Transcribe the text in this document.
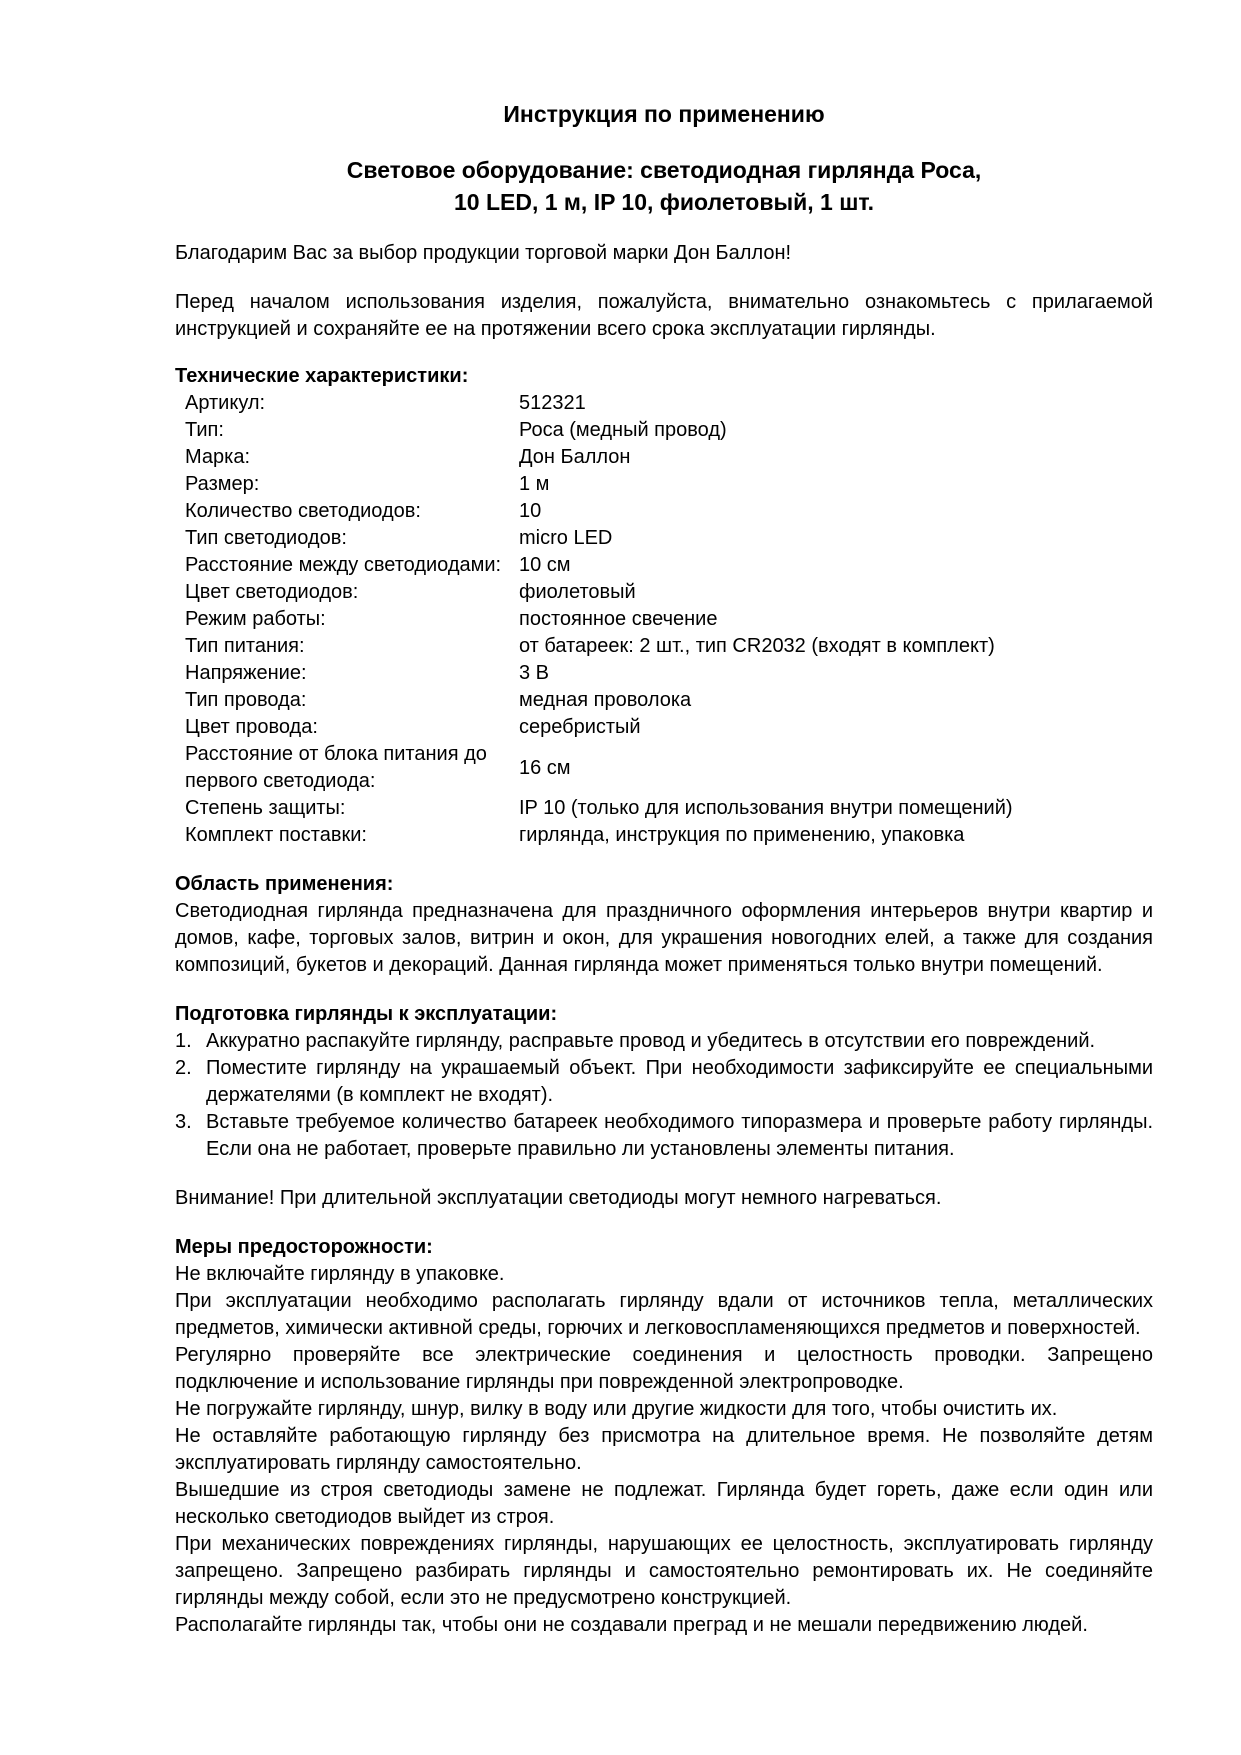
Инструкция по применению

Световое оборудование: светодиодная гирлянда Роса,

10 LED, 1 м, IP 10, фиолетовый, 1 шт.

Благодарим Вас за выбор продукции торговой марки Дон Баллон!

Перед началом использования изделия, пожалуйста, внимательно ознакомьтесь с прилагаемой инструкцией и сохраняйте ее на протяжении всего срока эксплуатации гирлянды.

Технические характеристики:
Артикул:	512321
Тип:	Роса (медный провод)
Марка:	Дон Баллон
Размер:	1 м
Количество светодиодов:	10
Тип светодиодов:	micro LED
Расстояние между светодиодами: 10 см
Цвет светодиодов:	фиолетовый
Режим работы:	постоянное свечение
Тип питания:	от батареек: 2 шт., тип CR2032 (входят в комплект)
Напряжение:	3 В
Тип провода:	медная проволока
Цвет провода:	серебристый
Расстояние от блока питания до первого светодиода:
16 см
Степень защиты:	IP 10 (только для использования внутри помещений)
Комплект поставки:	гирлянда, инструкция по применению, упаковка
Область применения:

Светодиодная гирлянда предназначена для праздничного оформления интерьеров внутри квартир и домов, кафе, торговых залов, витрин и окон, для украшения новогодних елей, а также для создания композиций, букетов и декораций. Данная гирлянда может применяться только внутри помещений.

Подготовка гирлянды к эксплуатации:
1. Аккуратно распакуйте гирлянду, расправьте провод и убедитесь в отсутствии его повреждений.
2. Поместите гирлянду на украшаемый объект. При необходимости зафиксируйте ее специальными держателями (в комплект не входят).
3. Вставьте требуемое количество батареек необходимого типоразмера и проверьте работу гирлянды. Если она не работает, проверьте правильно ли установлены элементы питания.

Внимание! При длительной эксплуатации светодиоды могут немного нагреваться.

Меры предосторожности:

Не включайте гирлянду в упаковке.

При эксплуатации необходимо располагать гирлянду вдали от источников тепла, металлических предметов, химически активной среды, горючих и легковоспламеняющихся предметов и поверхностей.

Регулярно проверяйте все электрические соединения и целостность проводки. Запрещено подключение и использование гирлянды при поврежденной электропроводке.

Не погружайте гирлянду, шнур, вилку в воду или другие жидкости для того, чтобы очистить их.

Не оставляйте работающую гирлянду без присмотра на длительное время. Не позволяйте детям эксплуатировать гирлянду самостоятельно.

Вышедшие из строя светодиоды замене не подлежат. Гирлянда будет гореть, даже если один или несколько светодиодов выйдет из строя.

При механических повреждениях гирлянды, нарушающих ее целостность, эксплуатировать гирлянду запрещено. Запрещено разбирать гирлянды и самостоятельно ремонтировать их. Не соединяйте гирлянды между собой, если это не предусмотрено конструкцией.

Располагайте гирлянды так, чтобы они не создавали преград и не мешали передвижению людей.
